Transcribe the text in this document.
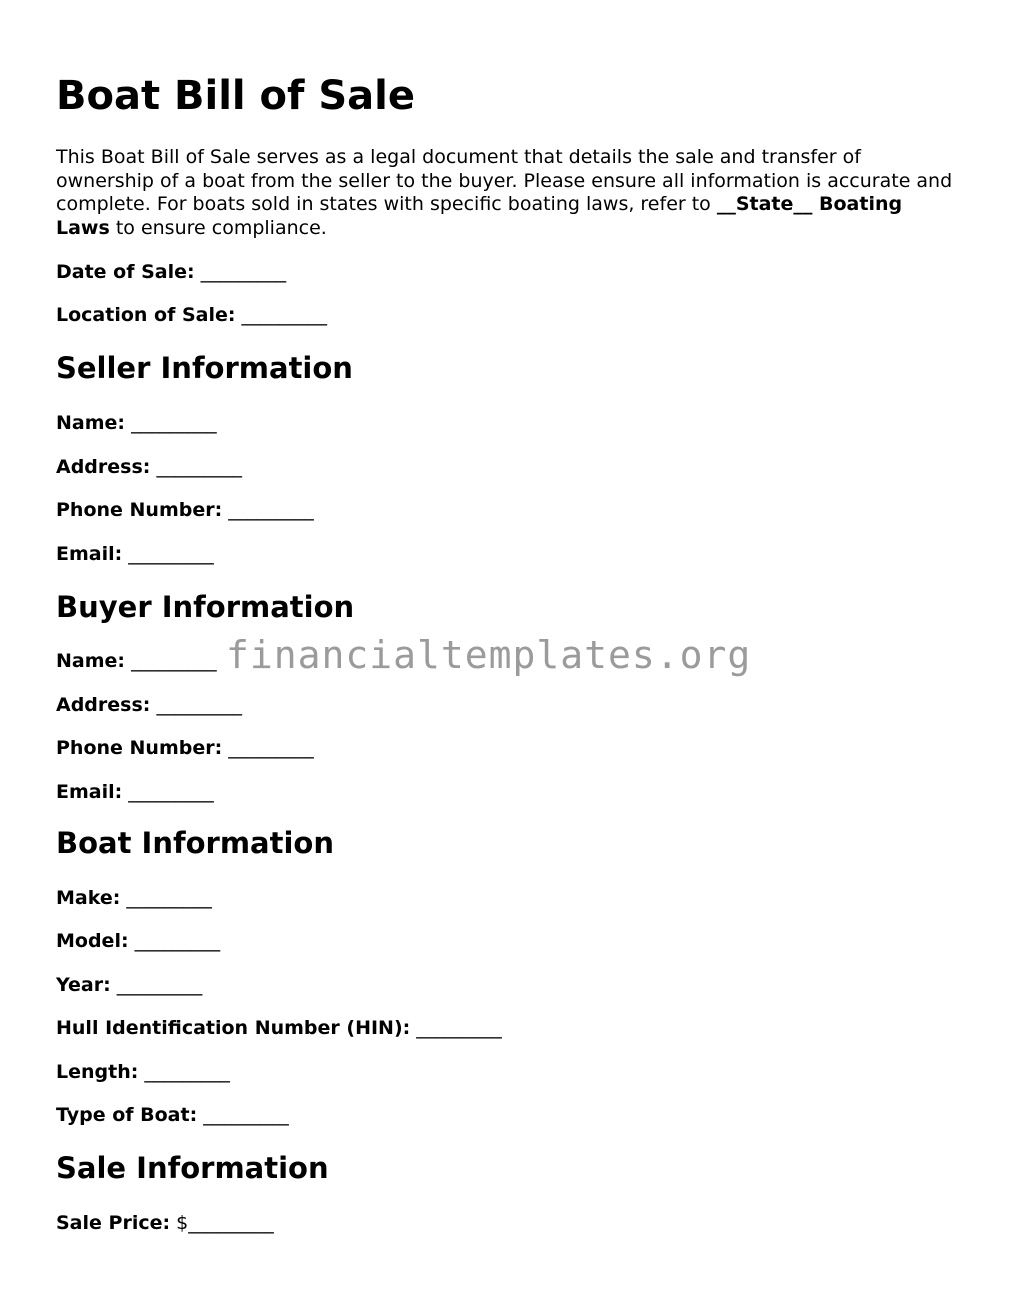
Boat Bill of Sale

This Boat Bill of Sale serves as a legal document that details the sale and transfer of ownership of a boat from the seller to the buyer. Please ensure all information is accurate and complete. For boats sold in states with specific boating laws, refer to __State__ Boating Laws to ensure compliance.

Date of Sale: _________
Location of Sale: _________
Seller Information
Name: _________
Address: _________
Phone Number: _________
Email: _________
Buyer Information
Name: _________
Address: _________
Phone Number: _________
Email: _________
Boat Information
Make: _________
Model: _________
Year: _________
Hull Identification Number (HIN): _________
Length: _________
Type of Boat: _________
Sale Information
Sale Price: $_________
financialtemplates.org
